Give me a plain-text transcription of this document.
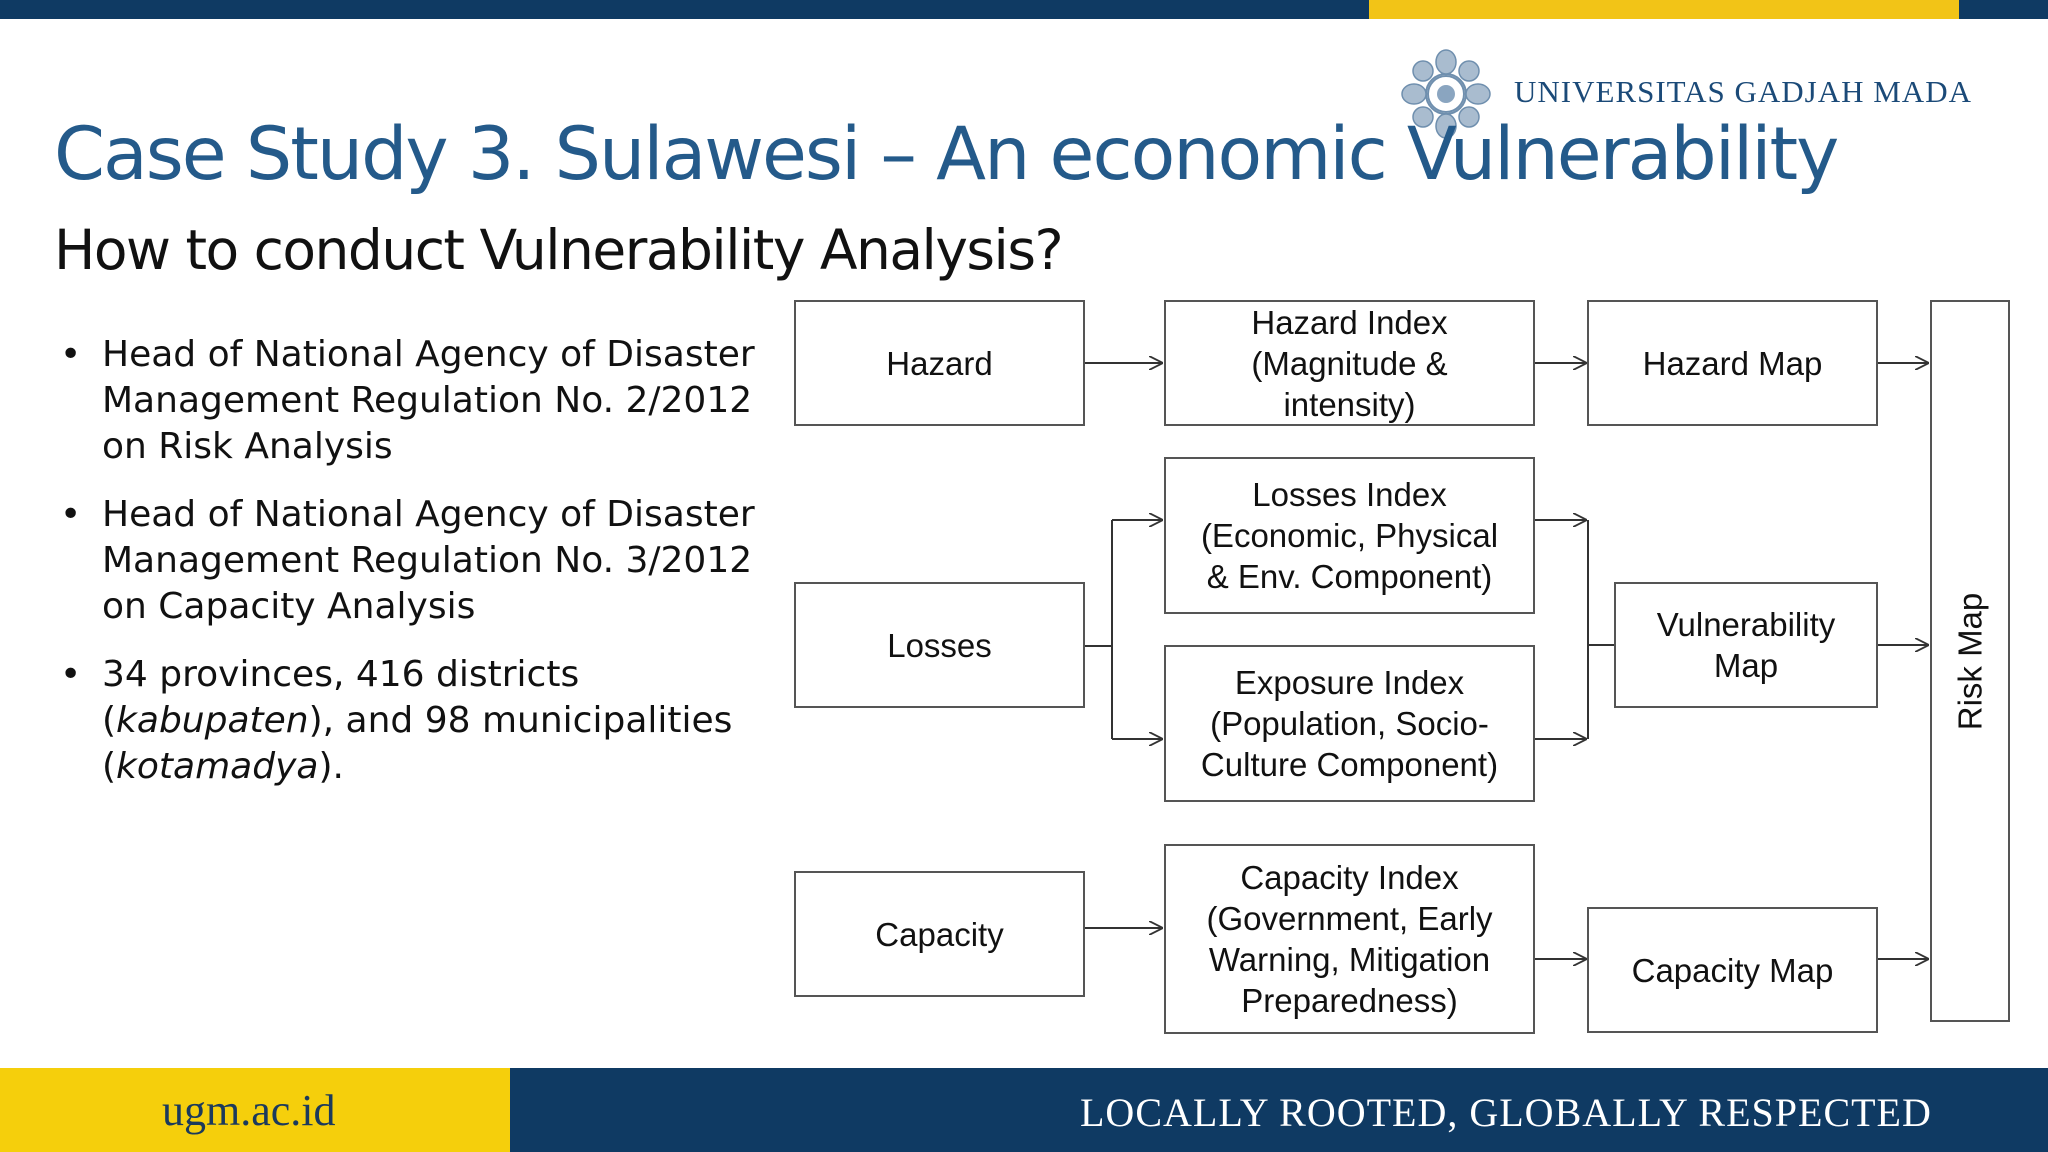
UNIVERSITAS GADJAH MADA
Case Study 3. Sulawesi – An economic Vulnerability
How to conduct Vulnerability Analysis?
• Head of National Agency of Disaster Management Regulation No. 2/2012 on Risk Analysis
• Head of National Agency of Disaster Management Regulation No. 3/2012 on Capacity Analysis
• 34 provinces, 416 districts (kabupaten), and 98 municipalities (kotamadya).
Hazard
Losses
Capacity
Hazard Index
(Magnitude &
intensity)
Losses Index
(Economic, Physical
& Env. Component)
Exposure Index
(Population, Socio-
Culture Component)
Capacity Index
(Government, Early
Warning, Mitigation
Preparedness)
Hazard Map
Vulnerability
Map
Capacity Map
Risk Map
ugm.ac.id	LOCALLY ROOTED, GLOBALLY RESPECTED
